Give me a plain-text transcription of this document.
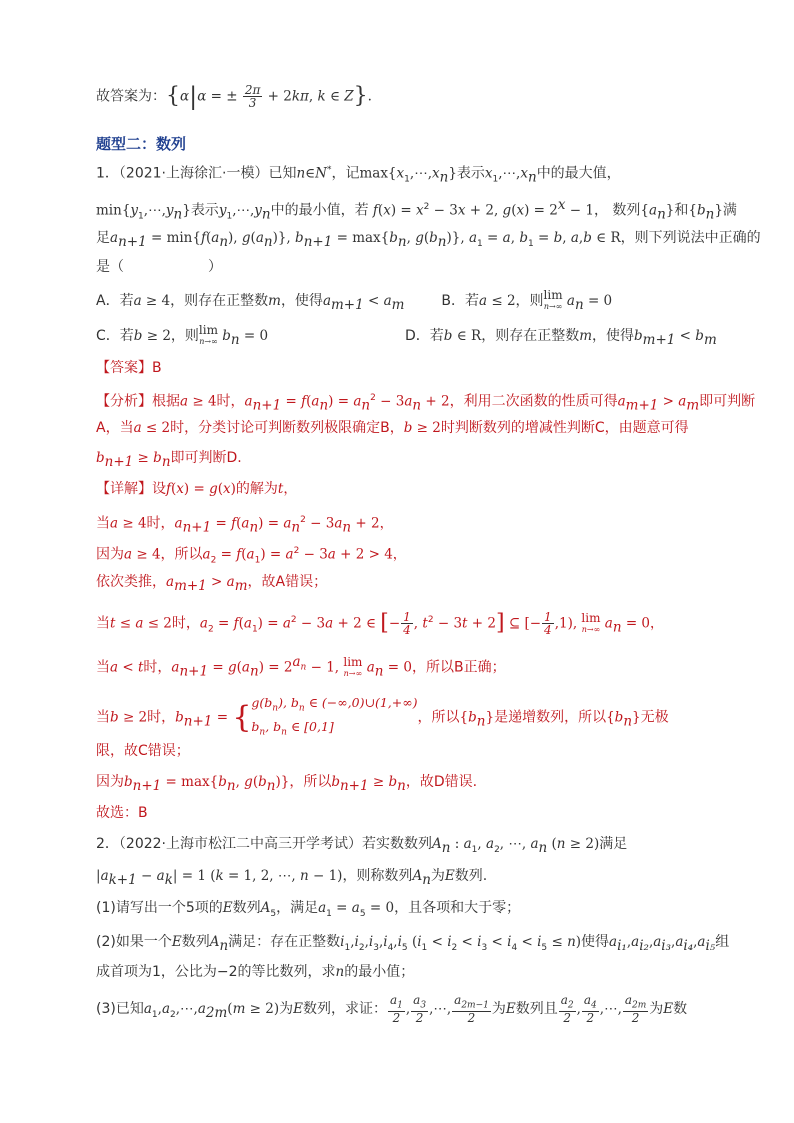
故答案为：{α|α = ± $\frac{2\pi}{3} + 2k\pi$, k ∈ Z}.
题型二：数列
1．（2021·上海徐汇·一模）已知n∈N*，记$\max\{x_1,\cdots,x_n\}$表示$x_1,\cdots,x_n$中的最大值，
$\min\{y_1,\cdots,y_n\}$表示$y_1,\cdots,y_n$中的最小值，若 $f(x) = x^2 - 3x + 2$, $g(x) = 2^x - 1$， 数列$\{a_n\}$和$\{b_n\}$满
足$a_{n+1} = \min\{f(a_n)$, $g(a_n)$}, $b_{n+1} = \max\{b_n$, $g(b_n)$}, $a_1 = a$, $b_1 = b$, a,b ∈ R，则下列说法中正确的
是（　　　　　　）
A．若a ≥ 4，则存在正整数m，使得$a_{m+1} < a_m$	B．若a ≤ 2，则lim
n→∞ $a_n = 0$
C．若b ≥ 2，则lim
n→∞ $b_n = 0$	D．若b ∈ R，则存在正整数m，使得$b_{m+1} < b_m$
【答案】B
【分析】根据a ≥ 4时，$a_{n+1} = f(a_n) = a_n^2 - 3a_n + 2$，利用二次函数的性质可得$a_{m+1} > a_m$即可判断
A，当a ≤ 2时，分类讨论可判断数列极限确定B，b ≥ 2时判断数列的增减性判断C，由题意可得
$b_{n+1} \ge b_n$即可判断D.
【详解】设f(x) = g(x)的解为t，
当a ≥ 4时，$a_{n+1} = f(a_n) = a_n^2 - 3a_n + 2$，
因为a ≥ 4，所以$a_2 = f(a_1) = a^2 - 3a + 2 > 4$，
依次类推，$a_{m+1} > a_m$，故A错误；
当t ≤ a ≤ 2时，$a_2 = f(a_1) = a^2 - 3a + 2$ ∈ [− $\frac{1}{4}$ , $t^2 - 3t + 2$] ⊆ [− $\frac{1}{4} ,1$), lim
n→∞ $a_n = 0$，
当a < t时，$a_{n+1} = g(a_n) = 2^{a_n} - 1$, lim
n→∞ $a_n = 0$，所以B正确；
当b ≥ 2时，$b_{n+1} = \{g(b_n)$, $b_n$ ∈ (−∞,0)∪(1,+∞)
$b_n$, $b_n$ ∈ [0,1]，所以$\{b_n\}$是递增数列，所以$\{b_n\}$无极
限，故C错误；
因为$b_{n+1} = \max\{b_n$, $g(b_n)$}，所以$b_{n+1} \ge b_n$，故D错误.
故选：B
2．（2022·上海市松江二中高三开学考试）若实数数列$A_n$ : $a_1$, $a_2$, ⋯, $a_n$ (n ≥ 2)满足
$|a_{k+1} - a_k| = 1$ (k = 1, 2, ⋯, n − 1)，则称数列$A_n$为E数列.
(1)请写出一个5项的E数列$A_5$，满足$a_1 = a_5 = 0$，且各项和大于零；
(2)如果一个E数列$A_n$满足：存在正整数$i_1,i_2,i_3,i_4,i_5$ $(i_1 < i_2 < i_3 < i_4 < i_5 \le n)$使得$a_{i_1},a_{i_2},a_{i_3},a_{i_4},a_{i_5}$组
成首项为1，公比为−2的等比数列，求n的最小值；
(3)已知$a_1,a_2,\cdots,a_{2m}(m \ge 2)$为E数列，求证： $\frac{a_1}{2}$ , $\frac{a_3}{2}$ ,⋯, $\frac{a_{2m-1}}{2}$ 为E数列且 $\frac{a_2}{2}$ , $\frac{a_4}{2}$ ,⋯, $\frac{a_{2m}}{2}$ 为E数
